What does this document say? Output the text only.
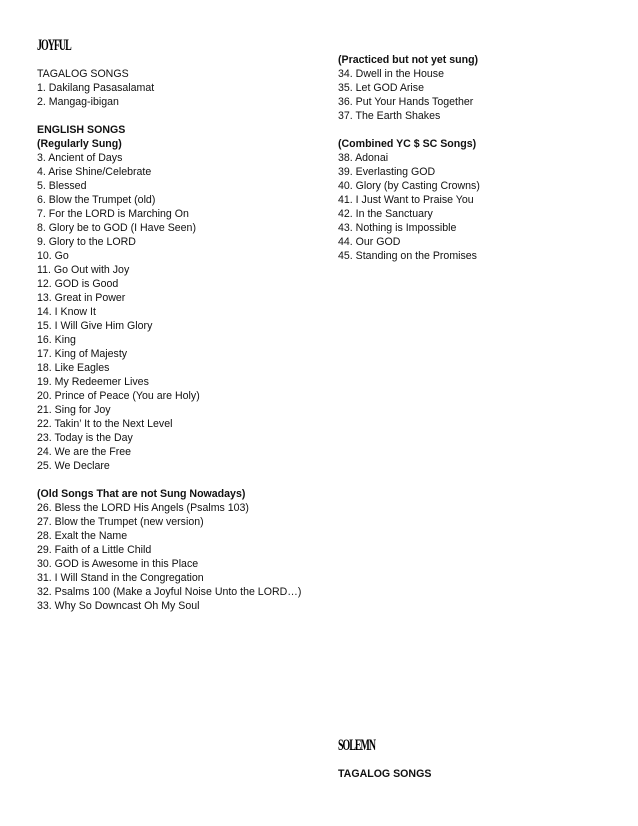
JOYFUL
TAGALOG SONGS
1. Dakilang Pasasalamat
2. Mangag-ibigan
ENGLISH SONGS
(Regularly Sung)
3. Ancient of Days
4. Arise Shine/Celebrate
5. Blessed
6. Blow the Trumpet (old)
7. For the LORD is Marching On
8. Glory be to GOD (I Have Seen)
9. Glory to the LORD
10. Go
11. Go Out with Joy
12. GOD is Good
13. Great in Power
14. I Know It
15. I Will Give Him Glory
16. King
17. King of Majesty
18. Like Eagles
19. My Redeemer Lives
20. Prince of Peace (You are Holy)
21. Sing for Joy
22. Takin’ It to the Next Level
23. Today is the Day
24. We are the Free
25. We Declare
(Old Songs That are not Sung Nowadays)
26. Bless the LORD His Angels (Psalms 103)
27. Blow the Trumpet (new version)
28. Exalt the Name
29. Faith of a Little Child
30. GOD is Awesome in this Place
31. I Will Stand in the Congregation
32. Psalms 100 (Make a Joyful Noise Unto the LORD…)
33. Why So Downcast Oh My Soul
(Practiced but not yet sung)
34. Dwell in the House
35. Let GOD Arise
36. Put Your Hands Together
37. The Earth Shakes
(Combined YC $ SC Songs)
38. Adonai
39. Everlasting GOD
40. Glory (by Casting Crowns)
41. I Just Want to Praise You
42. In the Sanctuary
43. Nothing is Impossible
44. Our GOD
45. Standing on the Promises
SOLEMN
TAGALOG SONGS
